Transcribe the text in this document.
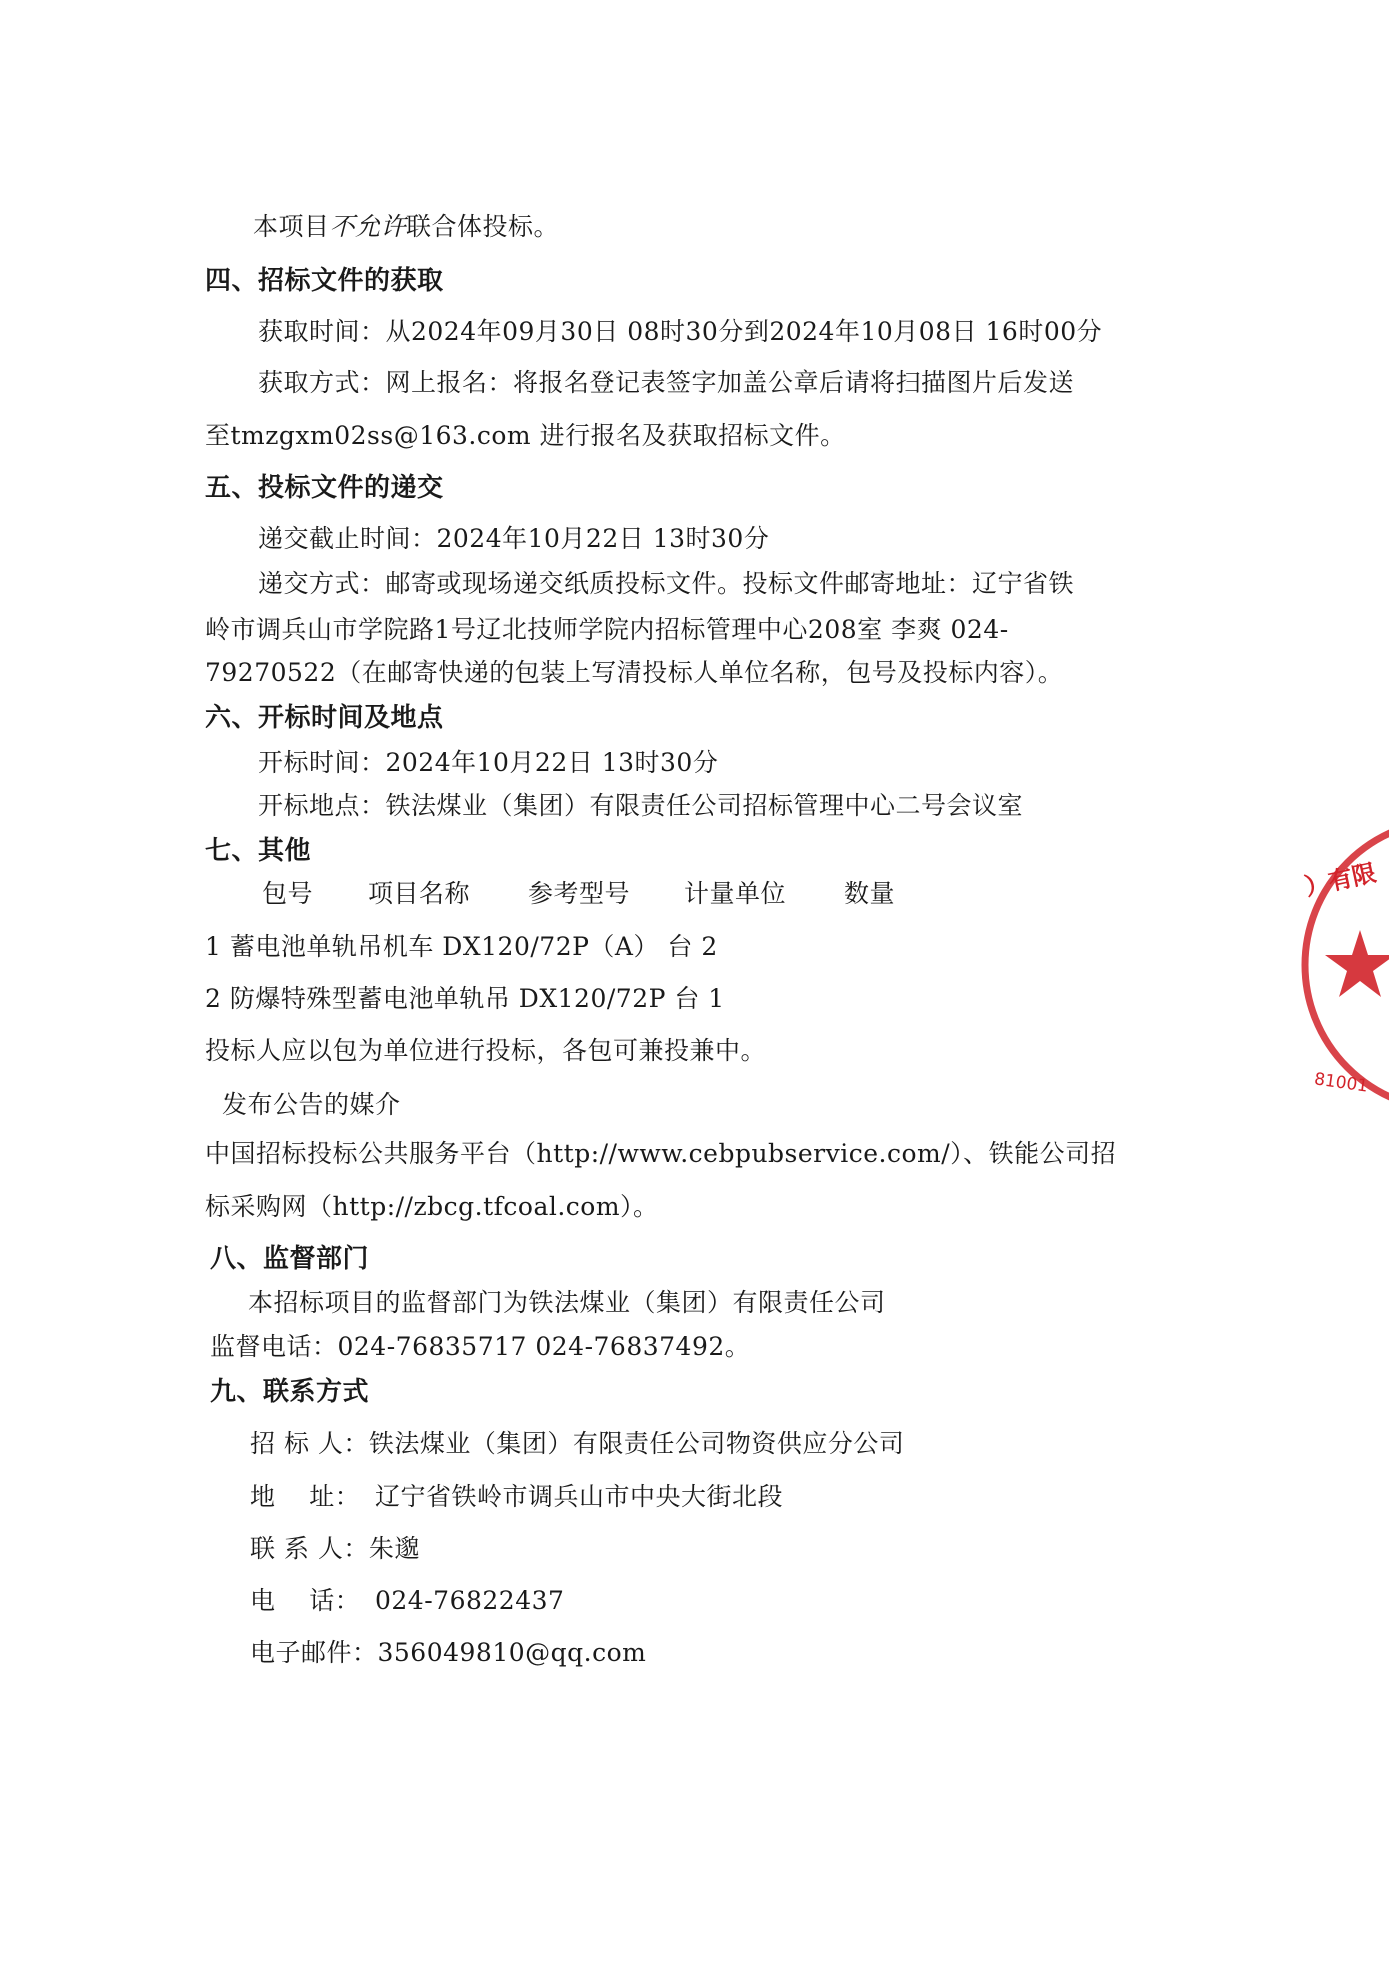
本项目不允许联合体投标。
四、招标文件的获取
获取时间：从2024年09月30日 08时30分到2024年10月08日 16时00分
获取方式：网上报名：将报名登记表签字加盖公章后请将扫描图片后发送
至tmzgxm02ss@163.com 进行报名及获取招标文件。
五、投标文件的递交
递交截止时间：2024年10月22日 13时30分
递交方式：邮寄或现场递交纸质投标文件。投标文件邮寄地址：辽宁省铁
岭市调兵山市学院路1号辽北技师学院内招标管理中心208室 李爽 024-
79270522（在邮寄快递的包装上写清投标人单位名称，包号及投标内容）。
六、开标时间及地点
开标时间：2024年10月22日 13时30分
开标地点：铁法煤业（集团）有限责任公司招标管理中心二号会议室
七、其他
包号 项目名称 参考型号 计量单位 数量
1 蓄电池单轨吊机车 DX120/72P（A） 台 2
2 防爆特殊型蓄电池单轨吊 DX120/72P 台 1
投标人应以包为单位进行投标，各包可兼投兼中。
发布公告的媒介
中国招标投标公共服务平台（http://www.cebpubservice.com/）、铁能公司招
标采购网（http://zbcg.tfcoal.com）。
八、监督部门
本招标项目的监督部门为铁法煤业（集团）有限责任公司
监督电话：024-76835717 024-76837492。
九、联系方式
招 标 人：铁法煤业（集团）有限责任公司物资供应分公司
地    址： 辽宁省铁岭市调兵山市中央大街北段
联 系 人：朱邈
电    话： 024-76822437
电子邮件：356049810@qq.com
）有限
81001
